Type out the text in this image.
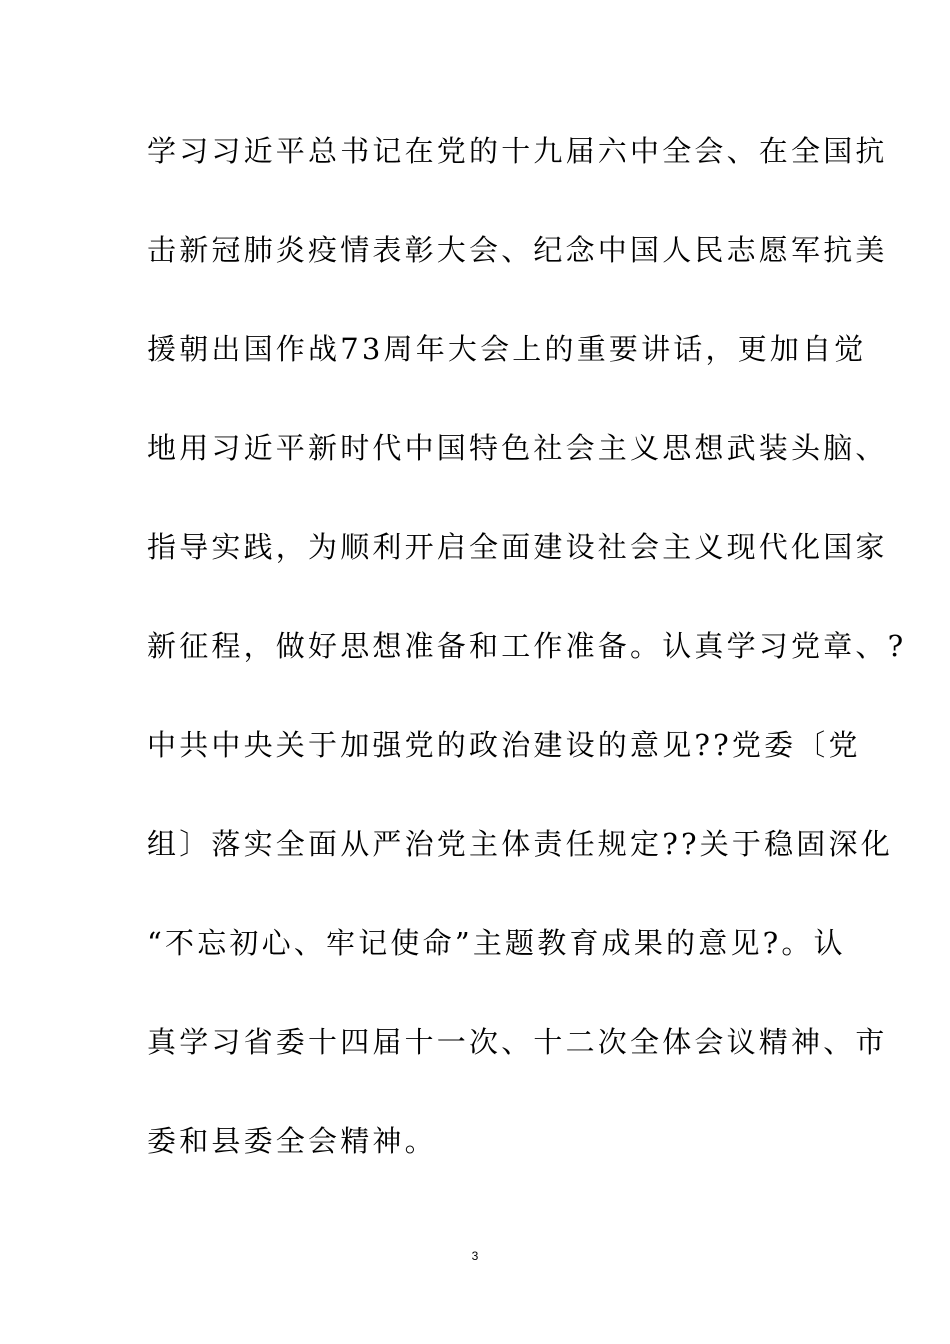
学习习近平总书记在党的十九届六中全会、在全国抗
击新冠肺炎疫情表彰大会、纪念中国人民志愿军抗美
援朝出国作战73周年大会上的重要讲话，更加自觉
地用习近平新时代中国特色社会主义思想武装头脑、
指导实践，为顺利开启全面建设社会主义现代化国家
新征程，做好思想准备和工作准备。认真学习党章、?
中共中央关于加强党的政治建设的意见??党委〔党
组〕落实全面从严治党主体责任规定??关于稳固深化
“不忘初心、牢记使命”主题教育成果的意见?。认
真学习省委十四届十一次、十二次全体会议精神、市
委和县委全会精神。
3
